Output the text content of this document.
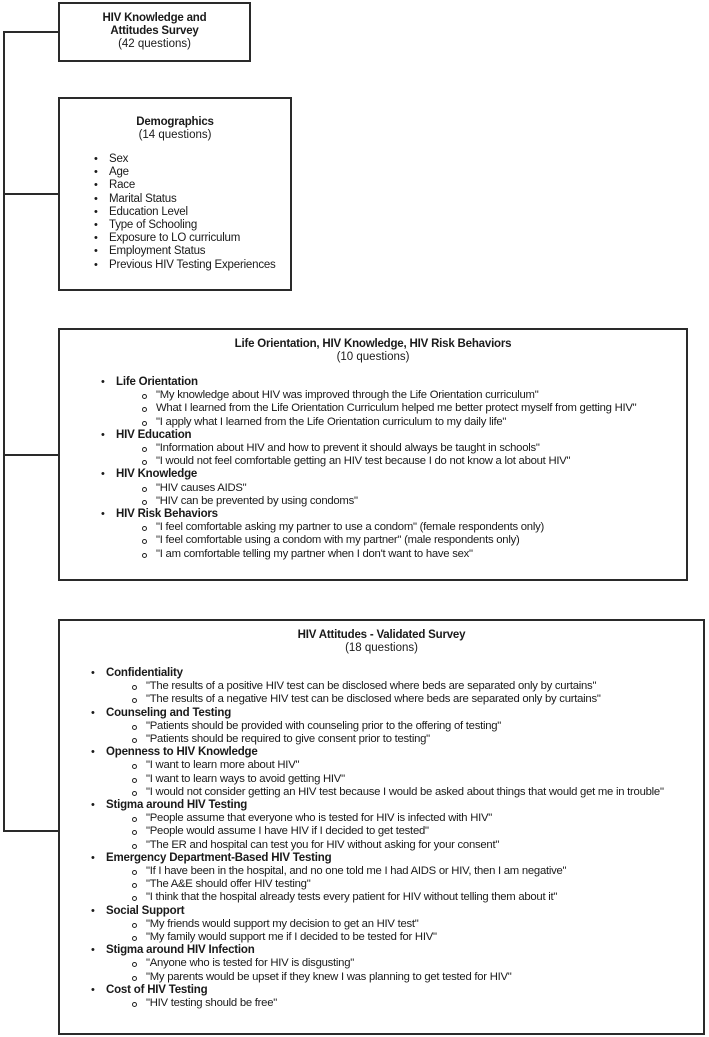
HIV Knowledge and
Attitudes Survey
(42 questions)
Demographics
(14 questions)
• Sex
• Age
• Race
• Marital Status
• Education Level
• Type of Schooling
• Exposure to LO curriculum
• Employment Status
• Previous HIV Testing Experiences
Life Orientation, HIV Knowledge, HIV Risk Behaviors
(10 questions)
• Life Orientation
"My knowledge about HIV was improved through the Life Orientation curriculum"
What I learned from the Life Orientation Curriculum helped me better protect myself from getting HIV"
"I apply what I learned from the Life Orientation curriculum to my daily life"
• HIV Education
"Information about HIV and how to prevent it should always be taught in schools"
"I would not feel comfortable getting an HIV test because I do not know a lot about HIV"
• HIV Knowledge
"HIV causes AIDS"
"HIV can be prevented by using condoms"
• HIV Risk Behaviors
"I feel comfortable asking my partner to use a condom" (female respondents only)
"I feel comfortable using a condom with my partner" (male respondents only)
"I am comfortable telling my partner when I don't want to have sex"
HIV Attitudes - Validated Survey
(18 questions)
• Confidentiality
"The results of a positive HIV test can be disclosed where beds are separated only by curtains"
"The results of a negative HIV test can be disclosed where beds are separated only by curtains"
• Counseling and Testing
"Patients should be provided with counseling prior to the offering of testing"
"Patients should be required to give consent prior to testing"
• Openness to HIV Knowledge
"I want to learn more about HIV"
"I want to learn ways to avoid getting HIV"
"I would not consider getting an HIV test because I would be asked about things that would get me in trouble"
• Stigma around HIV Testing
"People assume that everyone who is tested for HIV is infected with HIV"
"People would assume I have HIV if I decided to get tested"
"The ER and hospital can test you for HIV without asking for your consent"
• Emergency Department-Based HIV Testing
"If I have been in the hospital, and no one told me I had AIDS or HIV, then I am negative"
"The A&E should offer HIV testing"
"I think that the hospital already tests every patient for HIV without telling them about it"
• Social Support
"My friends would support my decision to get an HIV test"
"My family would support me if I decided to be tested for HIV"
• Stigma around HIV Infection
"Anyone who is tested for HIV is disgusting"
"My parents would be upset if they knew I was planning to get tested for HIV"
• Cost of HIV Testing
"HIV testing should be free"
